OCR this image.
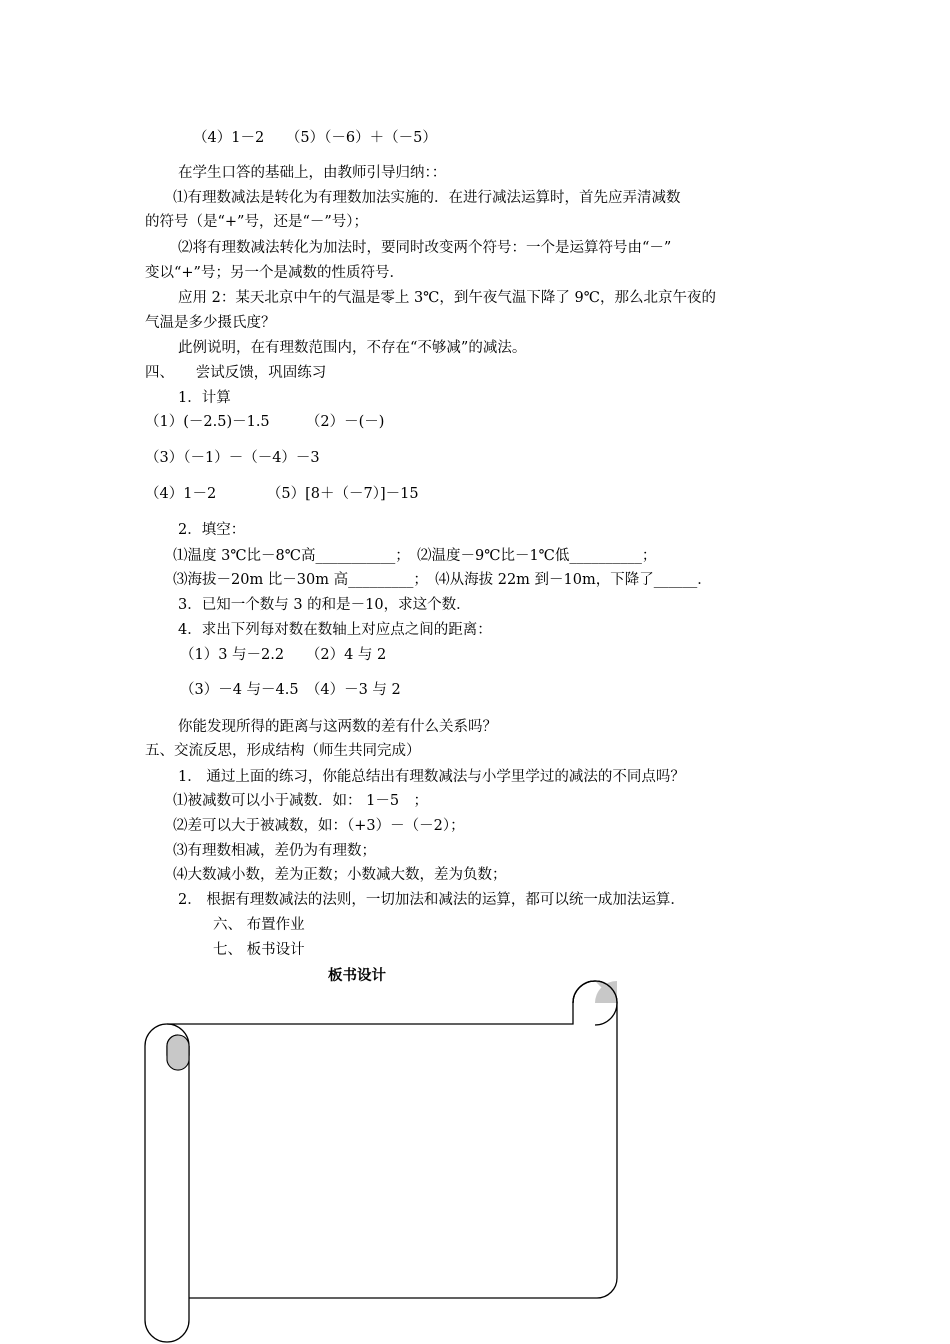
（4）1－2　　（5）（－6）＋（－5）

在学生口答的基础上，由教师引导归纳：：

⑴有理数减法是转化为有理数加法实施的．在进行减法运算时，首先应弄清减数

的符号（是“+”号，还是“－”号）；

⑵将有理数减法转化为加法时，要同时改变两个符号：一个是运算符号由“－”

变以“+”号；另一个是减数的性质符号．

应用 2：某天北京中午的气温是零上 3℃，到午夜气温下降了 9℃，那么北京午夜的

气温是多少摄氏度？

此例说明，在有理数范围内，不存在“不够减”的减法。

四、　　尝试反馈，巩固练习

1．计算

（1）(－2.5)－1.5　　　（2）－(－)

（3）（－1）－（－4）－3

（4）1－2　　　　（5）[8＋（－7）]－15

2．填空：

⑴温度 3℃比－8℃高___________；　⑵温度－9℃比－1℃低__________；

⑶海拔－20m 比－30m 高_________；　⑷从海拔 22m 到－10m，下降了______．

3．已知一个数与 3 的和是－10，求这个数．

4．求出下列每对数在数轴上对应点之间的距离：

（1）3 与－2.2　　（2）4 与 2

（3）－4 与－4.5　（4）－3 与 2

你能发现所得的距离与这两数的差有什么关系吗？

五、交流反思，形成结构（师生共同完成）

1． 通过上面的练习，你能总结出有理数减法与小学里学过的减法的不同点吗？

⑴被减数可以小于减数．如： 1－5　；

⑵差可以大于被减数，如：（+3）－（－2）；

⑶有理数相减，差仍为有理数；

⑷大数减小数，差为正数；小数减大数，差为负数；

2． 根据有理数减法的法则，一切加法和减法的运算，都可以统一成加法运算．

六、 布置作业

七、 板书设计

板书设计
